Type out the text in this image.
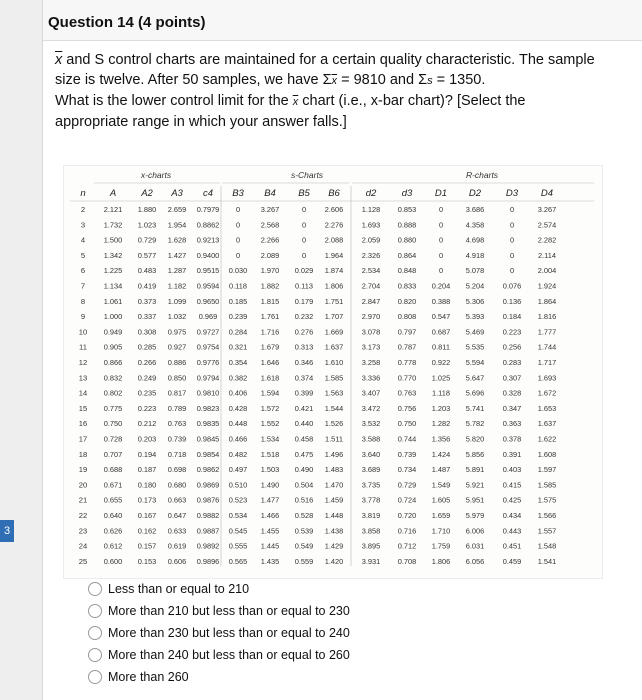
3
Question 14 (4 points)

$\overline{x}$ and S control charts are maintained for a certain quality characteristic. The sample

size is twelve. After 50 samples, we have $\Sigma\overline{x} = 9810$ and Σs = 1350.

What is the lower control limit for the $\overline{x}$ chart (i.e., x-bar chart)? [Select the

appropriate range in which your answer falls.]

x-charts	s-Charts	R-charts
n	A	A2 A3 c4 B3 B4 B5 B6	d2	d3 D1 D2	D3 D4
2	2.121 1.880 2.659 0.7979 0	3.267	0	2.606	1.128 0.853	0	3.686	0	3.267
3	1.732 1.023 1.954 0.8862 0	2.568	0	2.276	1.693 0.888	0	4.358	0	2.574
4	1.500 0.729 1.628 0.9213 0	2.266	0	2.088	2.059 0.880	0	4.698	0	2.282
5	1.342 0.577 1.427 0.9400 0	2.089	0	1.964	2.326 0.864	0	4.918	0	2.114
6	1.225 0.483 1.287 0.9515 0.030 1.970 0.029 1.874	2.534 0.848	0	5.078	0	2.004
7	1.134 0.419 1.182 0.9594 0.118 1.882 0.113 1.806	2.704 0.833 0.204 5.204	0.076 1.924
8	1.061 0.373 1.099 0.9650 0.185 1.815 0.179 1.751	2.847 0.820 0.388 5.306	0.136 1.864
9	1.000 0.337 1.032 0.969 0.239 1.761 0.232 1.707	2.970 0.808 0.547 5.393	0.184 1.816
10 0.949 0.308 0.975 0.9727 0.284 1.716 0.276 1.669	3.078 0.797 0.687 5.469	0.223 1.777
11 0.905 0.285 0.927 0.9754 0.321 1.679 0.313 1.637	3.173 0.787 0.811 5.535	0.256 1.744
12 0.866 0.266 0.886 0.9776 0.354 1.646 0.346 1.610	3.258 0.778 0.922 5.594	0.283 1.717
13 0.832 0.249 0.850 0.9794 0.382 1.618 0.374 1.585	3.336 0.770 1.025 5.647	0.307 1.693
14 0.802 0.235 0.817 0.9810 0.406 1.594 0.399 1.563	3.407 0.763 1.118 5.696	0.328 1.672
15 0.775 0.223 0.789 0.9823 0.428 1.572 0.421 1.544	3.472 0.756 1.203 5.741	0.347 1.653
16 0.750 0.212 0.763 0.9835 0.448 1.552 0.440 1.526	3.532 0.750 1.282 5.782	0.363 1.637
17 0.728 0.203 0.739 0.9845 0.466 1.534 0.458 1.511	3.588 0.744 1.356 5.820	0.378 1.622
18 0.707 0.194 0.718 0.9854 0.482 1.518 0.475 1.496	3.640 0.739 1.424 5.856	0.391 1.608
19 0.688 0.187 0.698 0.9862 0.497 1.503 0.490 1.483	3.689 0.734 1.487 5.891	0.403 1.597
20 0.671 0.180 0.680 0.9869 0.510 1.490 0.504 1.470	3.735 0.729 1.549 5.921	0.415 1.585
21 0.655 0.173 0.663 0.9876 0.523 1.477 0.516 1.459	3.778 0.724 1.605 5.951	0.425 1.575
22 0.640 0.167 0.647 0.9882 0.534 1.466 0.528 1.448	3.819 0.720 1.659 5.979	0.434 1.566
23 0.626 0.162 0.633 0.9887 0.545 1.455 0.539 1.438	3.858 0.716 1.710 6.006	0.443 1.557
24 0.612 0.157 0.619 0.9892 0.555 1.445 0.549 1.429	3.895 0.712 1.759 6.031	0.451 1.548
25 0.600 0.153 0.606 0.9896 0.565 1.435 0.559 1.420	3.931 0.708 1.806 6.056	0.459 1.541
Less than or equal to 210
More than 210 but less than or equal to 230
More than 230 but less than or equal to 240
More than 240 but less than or equal to 260
More than 260
